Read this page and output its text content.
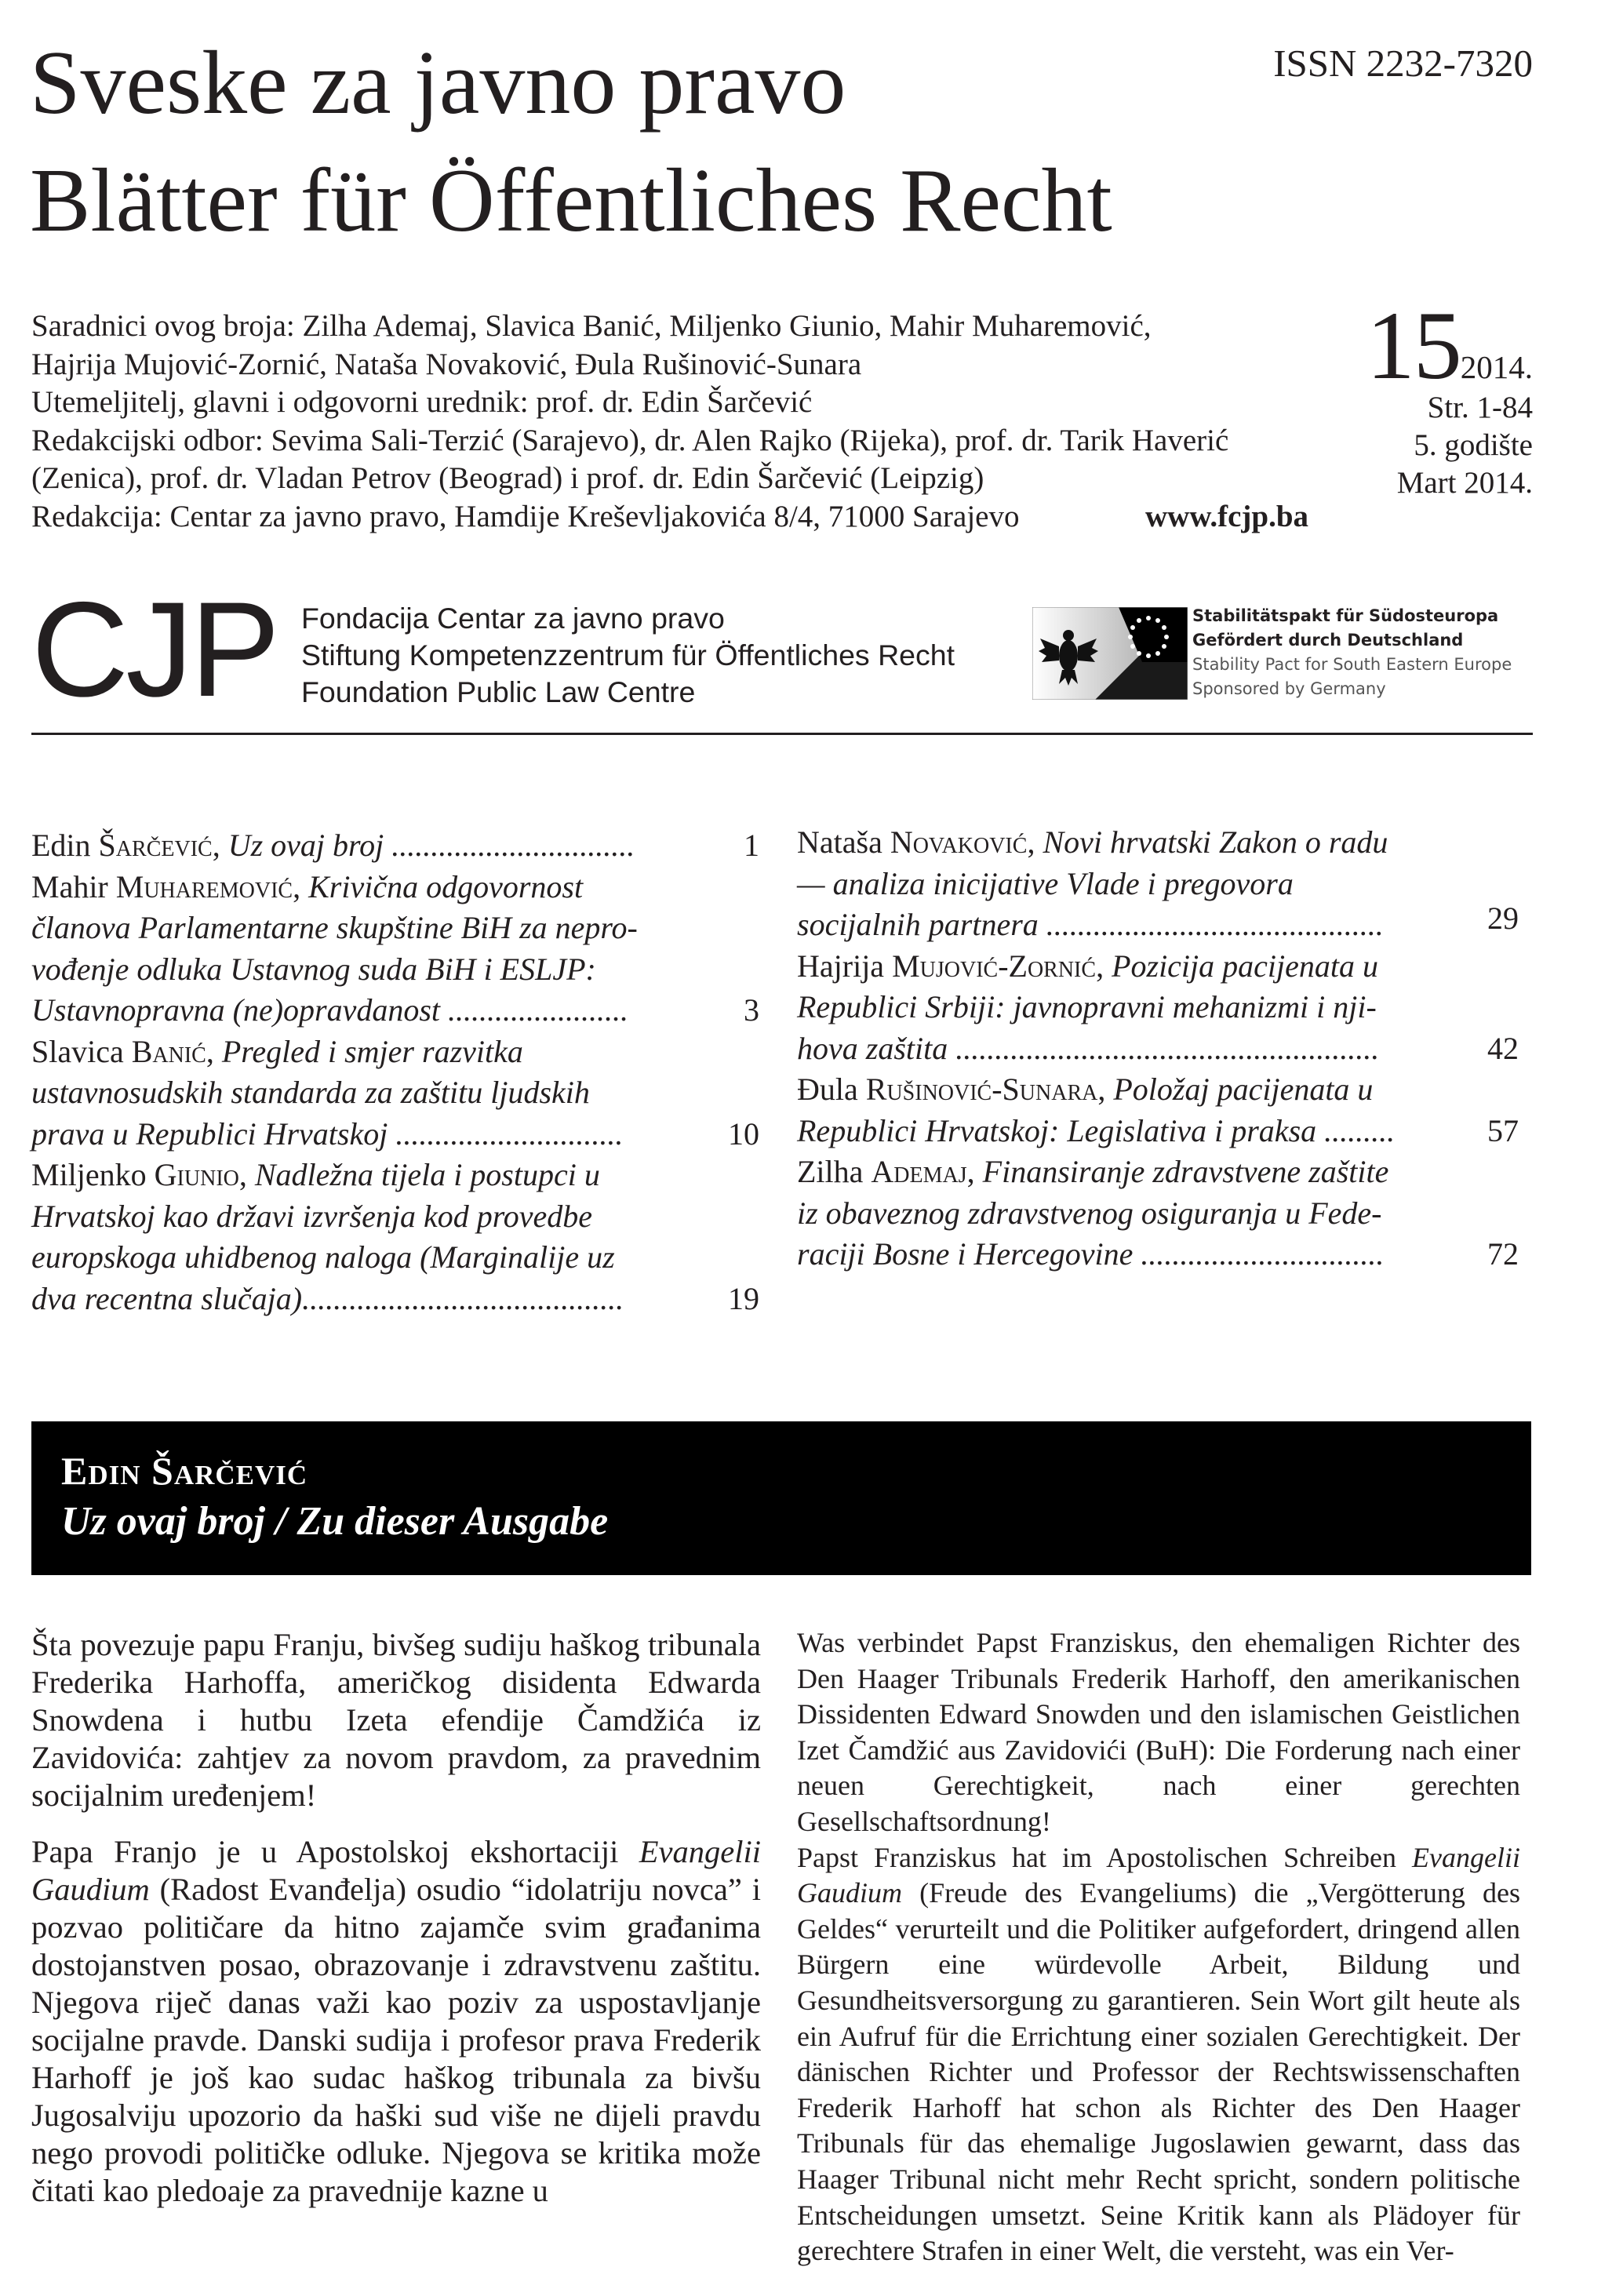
Sveske za javno pravo
Blätter für Öffentliches Recht
ISSN 2232-7320
Saradnici ovog broja: Zilha Ademaj, Slavica Banić, Miljenko Giunio, Mahir Muharemović,
Hajrija Mujović-Zornić, Nataša Novaković, Đula Rušinović-Sunara
Utemeljitelj, glavni i odgovorni urednik: prof. dr. Edin Šarčević
Redakcijski odbor: Sevima Sali-Terzić (Sarajevo), dr. Alen Rajko (Rijeka), prof. dr. Tarik Haverić
(Zenica), prof. dr. Vladan Petrov (Beograd) i prof. dr. Edin Šarčević (Leipzig)
Redakcija: Centar za javno pravo, Hamdije Kreševljakovića 8/4, 71000 Sarajevo	www.fcjp.ba
152014.
Str. 1-84
5. godište
Mart 2014.
CJP Fondacija Centar za javno pravo
Stiftung Kompetenzzentrum für Öffentliches Recht
Foundation Public Law Centre
Stabilitätspakt für Südosteuropa
Gefördert durch Deutschland
Stability Pact for South Eastern Europe
Sponsored by Germany
Edin Šarčević, Uz ovaj broj ...............................	1
Mahir Muharemović, Krivična odgovornost
članova Parlamentarne skupštine BiH za nepro-
vođenje odluka Ustavnog suda BiH i ESLJP:
Ustavnopravna (ne)opravdanost .......................	3
Slavica Banić, Pregled i smjer razvitka
ustavnosudskih standarda za zaštitu ljudskih
prava u Republici Hrvatskoj .............................	10
Miljenko Giunio, Nadležna tijela i postupci u
Hrvatskoj kao državi izvršenja kod provedbe
europskoga uhidbenog naloga (Marginalije uz
dva recentna slučaja).........................................	19
Nataša Novaković, Novi hrvatski Zakon o radu
— analiza inicijative Vlade i pregovora
socijalnih partnera ...........................................	29
Hajrija Mujović-Zornić, Pozicija pacijenata u
Republici Srbiji: javnopravni mehanizmi i nji-
hova zaštita ......................................................	42
Đula Rušinović-Sunara, Položaj pacijenata u
Republici Hrvatskoj: Legislativa i praksa .........	57
Zilha Ademaj, Finansiranje zdravstvene zaštite
iz obaveznog zdravstvenog osiguranja u Fede-
raciji Bosne i Hercegovine ...............................	72
Edin Šarčević
Uz ovaj broj / Zu dieser Ausgabe

Šta povezuje papu Franju, bivšeg sudiju haškog tribunala Frederika Harhoffa, američkog disidenta Edwarda Snowdena i hutbu Izeta efendije Čamdžića iz Zavidovića: zahtjev za novom pravdom, za pravednim socijalnim uređenjem!

Papa Franjo je u Apostolskoj ekshortaciji Evangelii Gaudium (Radost Evanđelja) osudio “idolatriju novca” i pozvao političare da hitno zajamče svim građanima dostojanstven posao, obrazovanje i zdravstvenu zaštitu. Njegova riječ danas važi kao poziv za uspostavljanje socijalne pravde. Danski sudija i profesor prava Frederik Harhoff je još kao sudac haškog tribunala za bivšu Jugosalviju upozorio da haški sud više ne dijeli pravdu nego provodi političke odluke. Njegova se kritika može čitati kao pledoaje za pravednije kazne u

Was verbindet Papst Franziskus, den ehemaligen Richter des Den Haager Tribunals Frederik Harhoff, den amerikanischen Dissidenten Edward Snowden und den islamischen Geistlichen Izet Čamdžić aus Zavidovići (BuH): Die Forderung nach einer neuen Gerechtigkeit, nach einer gerechten Gesellschaftsordnung!

Papst Franziskus hat im Apostolischen Schreiben Evangelii Gaudium (Freude des Evangeliums) die „Vergötterung des Geldes“ verurteilt und die Politiker aufgefordert, dringend allen Bürgern eine würdevolle Arbeit, Bildung und Gesundheitsversorgung zu garantieren. Sein Wort gilt heute als ein Aufruf für die Errichtung einer sozialen Gerechtigkeit. Der dänischen Richter und Professor der Rechtswissenschaften Frederik Harhoff hat schon als Richter des Den Haager Tribunals für das ehemalige Jugoslawien gewarnt, dass das Haager Tribunal nicht mehr Recht spricht, sondern politische Entscheidungen umsetzt. Seine Kritik kann als Plädoyer für gerechtere Strafen in einer Welt, die versteht, was ein Ver-
